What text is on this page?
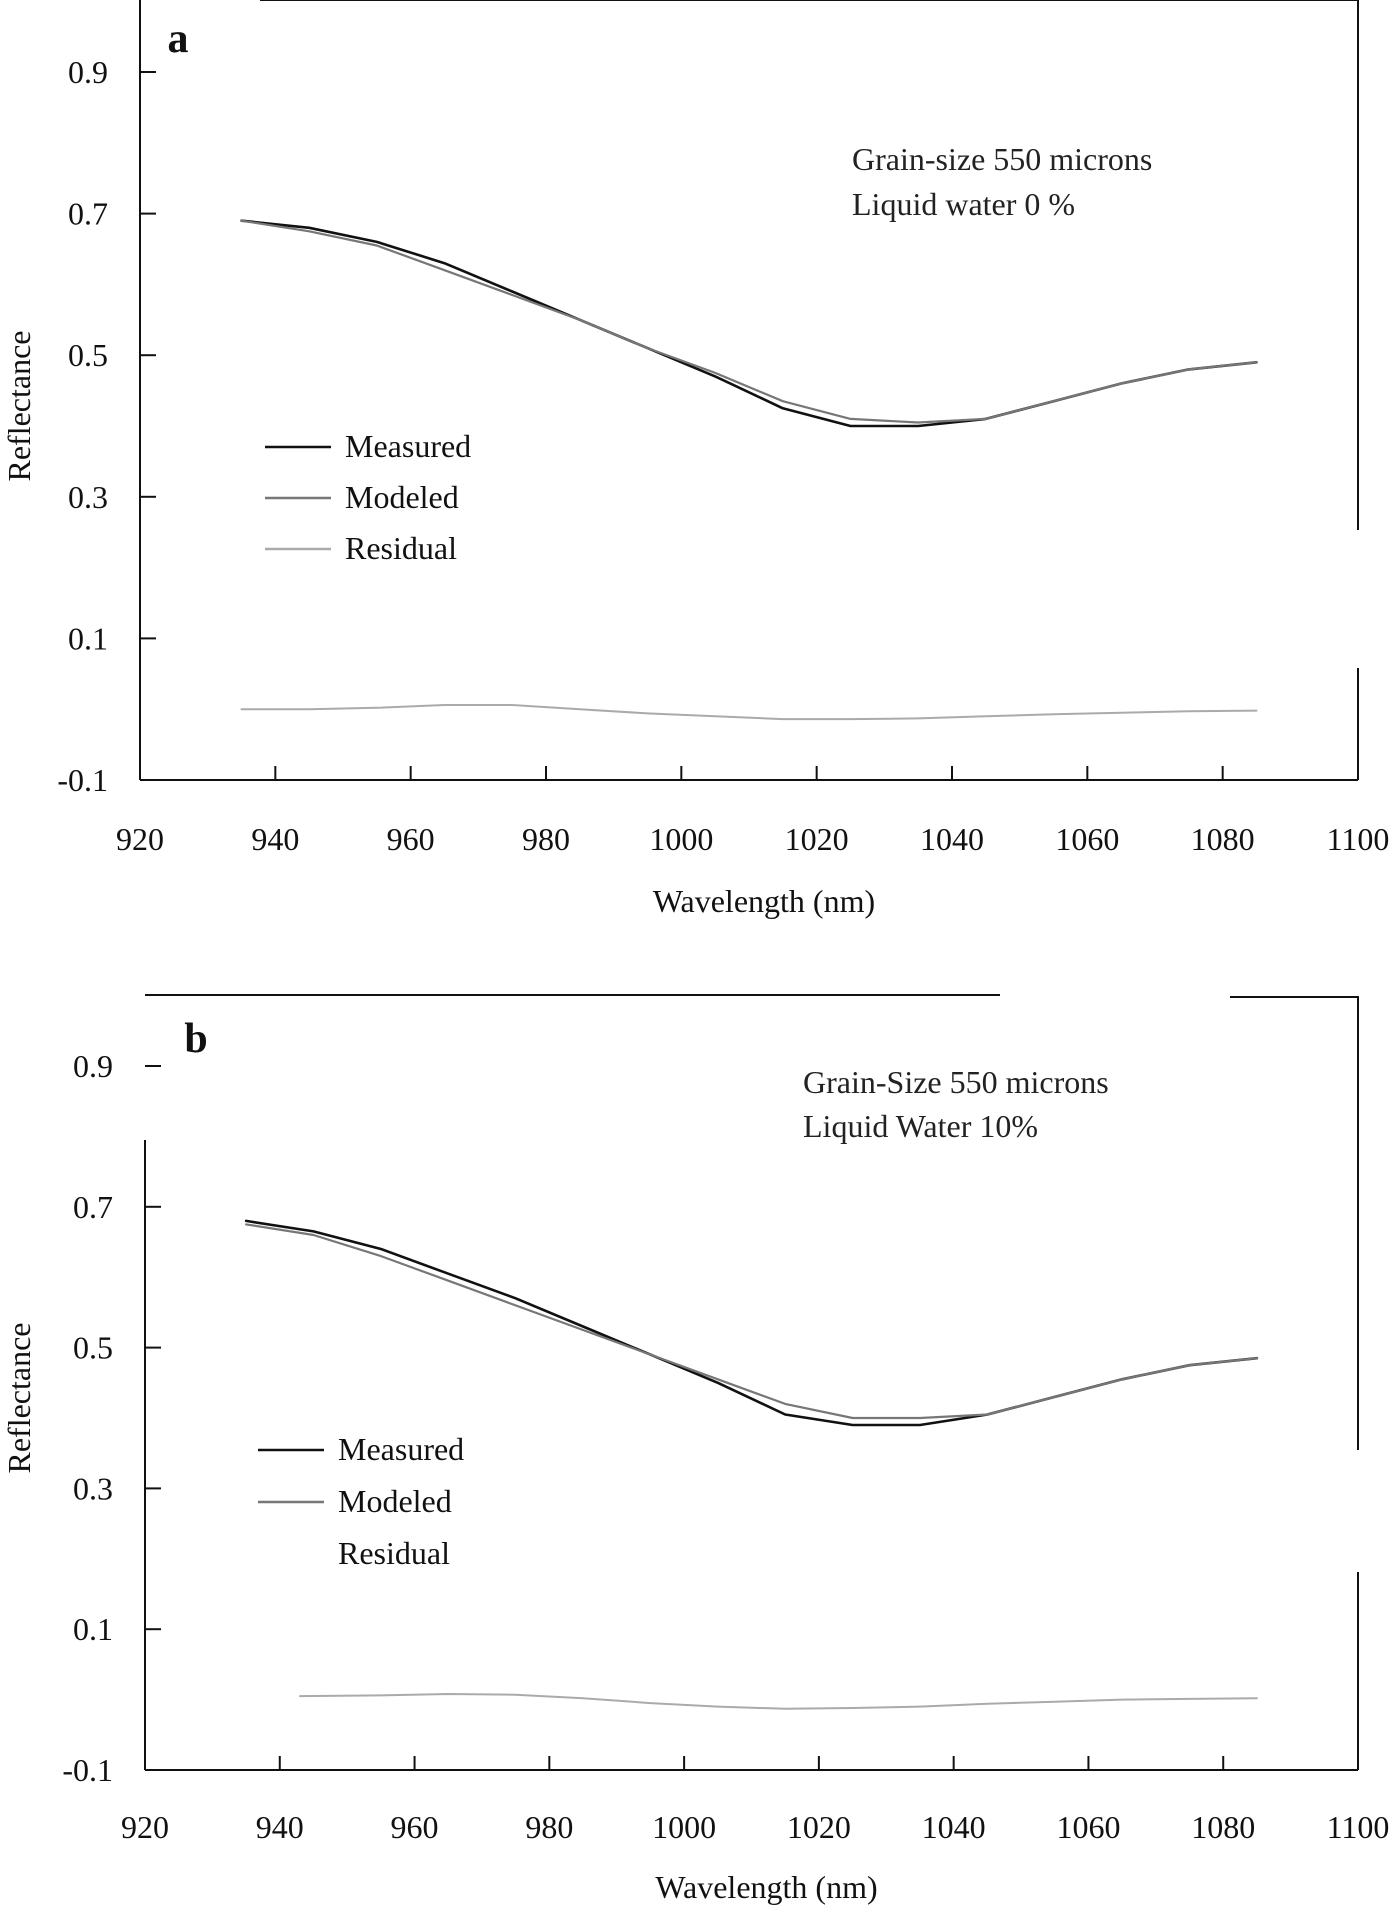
920	940	960	980 1000 1020 1040 1060 1080 1100
0.9
0.7
0.5
0.3
0.1
-0.1
Wavelength (nm)
Reflectance
a
Grain-size 550 microns
Liquid water 0 %
Measured
Modeled
Residual
920	940	960	980 1000 1020 1040 1060 1080 1100
0.9
0.7
0.5
0.3
0.1
-0.1
Wavelength (nm)
Reflectance
b
Grain-Size 550 microns
Liquid Water 10%
Measured
Modeled
Residual
